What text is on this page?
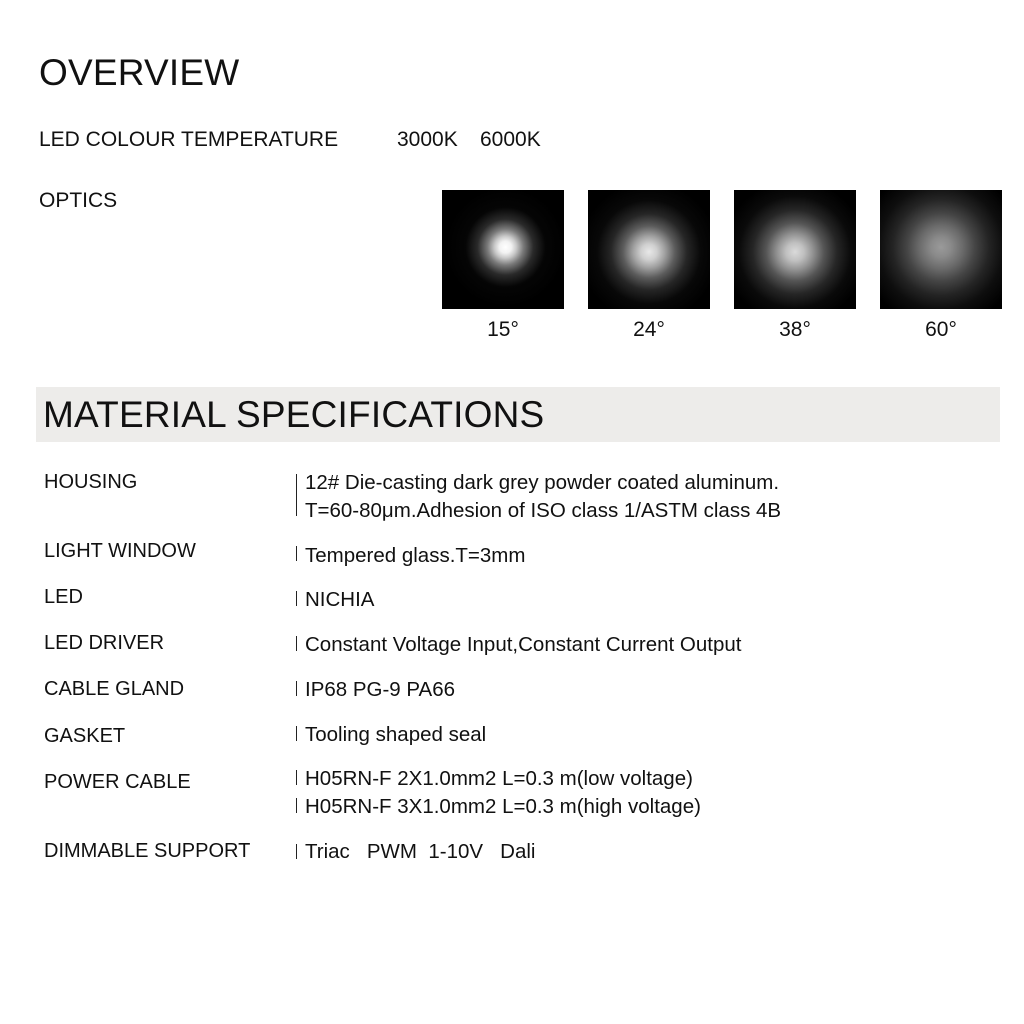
OVERVIEW
LED COLOUR TEMPERATURE	3000K 6000K
OPTICS
15°	24°	38°	60°
MATERIAL SPECIFICATIONS
HOUSING	12# Die-casting dark grey powder coated aluminum.
T=60-80μm.Adhesion of ISO class 1/ASTM class 4B
LIGHT WINDOW	Tempered glass.T=3mm
LED	NICHIA
LED DRIVER	Constant Voltage Input,Constant Current Output
CABLE GLAND	IP68 PG-9 PA66
GASKET	Tooling shaped seal
POWER CABLE	H05RN-F 2X1.0mm2 L=0.3 m(low voltage)
H05RN-F 3X1.0mm2 L=0.3 m(high voltage)
DIMMABLE SUPPORT	Triac   PWM  1-10V   Dali
